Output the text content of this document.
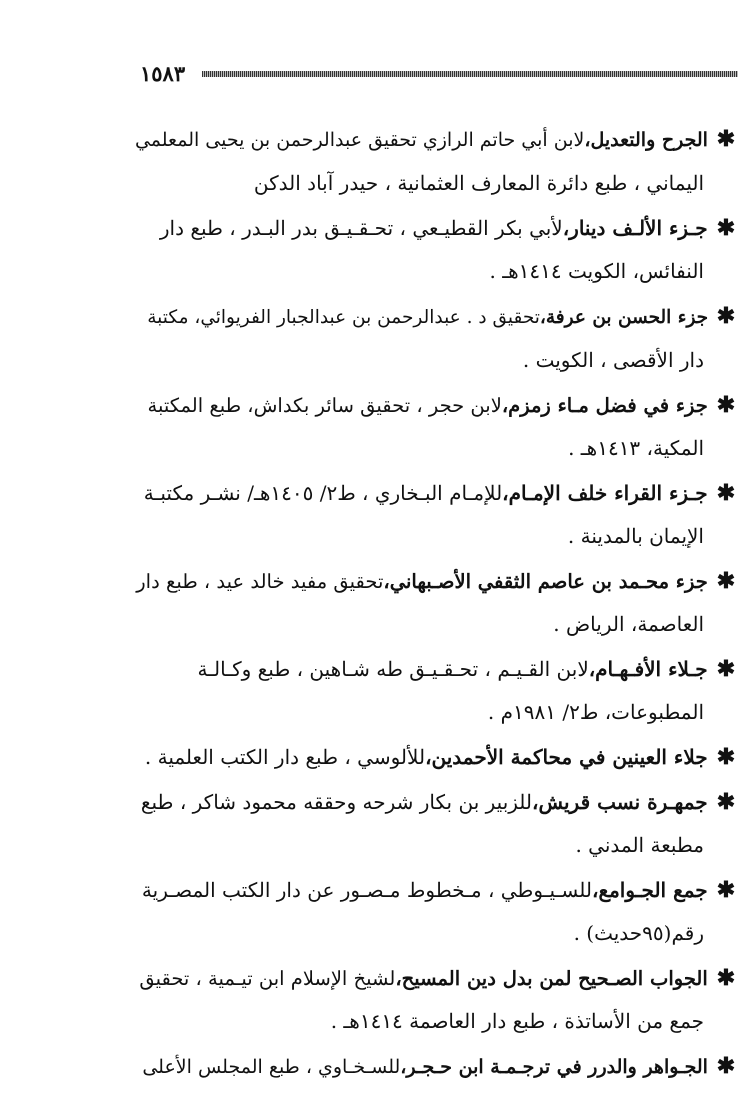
١٥٨٣
✱ الجرح والتعديل،لابن أبي حاتم الرازي تحقيق عبدالرحمن بن يحيى المعلمي
اليماني ، طبع دائرة المعارف العثمانية ، حيدر آباد الدكن
✱ جـزء الألـف دينار،لأبي بكر القطيـعي ، تحـقـيـق بدر البـدر ، طبع دار
النفائس، الكويت ١٤١٤هـ .
✱ جزء الحسن بن عرفة،تحقيق د . عبدالرحمن بن عبدالجبار الفريوائي، مكتبة
دار الأقصى ، الكويت .
✱ جزء في فضل مـاء زمزم،لابن حجر ، تحقيق سائر بكداش، طبع المكتبة
المكية، ١٤١٣هـ .
✱ جـزء القراء خلف الإمـام،للإمـام البـخاري ، ط٢/ ١٤٠٥هـ/ نشـر مكتبـة
الإيمان بالمدينة .
✱ جزء محـمد بن عاصم الثقفي الأصـبهاني،تحقيق مفيد خالد عيد ، طبع دار
العاصمة، الرياض .
✱ جـلاء الأفـهـام،لابن القـيـم ، تحـقـيـق طه شـاهين ، طبع وكـالـة
المطبوعات، ط٢/ ١٩٨١م .
✱ جلاء العينين في محاكمة الأحمدين،للألوسي ، طبع دار الكتب العلمية .
✱ جمهـرة نسب قريش،للزبير بن بكار شرحه وحققه محمود شاكر ، طبع
مطبعة المدني .
✱ جمع الجـوامع،للسـيـوطي ، مـخطوط مـصـور عن دار الكتب المصـرية
رقم(٩٥حديث) .
✱ الجواب الصـحيح لمن بدل دين المسيح،لشيخ الإسلام ابن تيـمية ، تحقيق
جمع من الأساتذة ، طبع دار العاصمة ١٤١٤هـ .
✱ الجـواهر والدرر في ترجـمـة ابن حـجـر،للسـخـاوي ، طبع المجلس الأعلى
